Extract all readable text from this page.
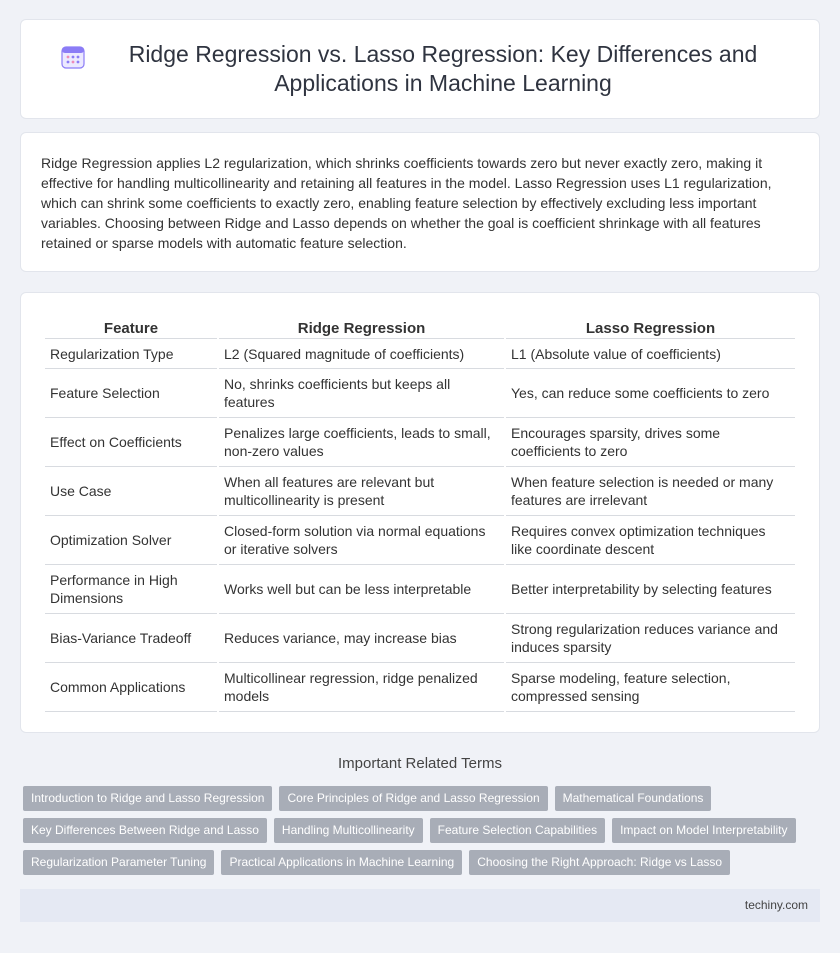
Ridge Regression vs. Lasso Regression: Key Differences and Applications in Machine Learning

Ridge Regression applies L2 regularization, which shrinks coefficients towards zero but never exactly zero, making it effective for handling multicollinearity and retaining all features in the model. Lasso Regression uses L1 regularization, which can shrink some coefficients to exactly zero, enabling feature selection by effectively excluding less important variables. Choosing between Ridge and Lasso depends on whether the goal is coefficient shrinkage with all features retained or sparse models with automatic feature selection.

Feature	Ridge Regression	Lasso Regression
Regularization Type	L2 (Squared magnitude of coefficients)	L1 (Absolute value of coefficients)
Feature Selection	No, shrinks coefficients but keeps all features	Yes, can reduce some coefficients to zero
Effect on Coefficients	Penalizes large coefficients, leads to small, non-zero values	Encourages sparsity, drives some coefficients to zero
Use Case	When all features are relevant but multicollinearity is present	When feature selection is needed or many features are irrelevant
Optimization Solver	Closed-form solution via normal equations or iterative solvers	Requires convex optimization techniques like coordinate descent
Performance in High Dimensions	Works well but can be less interpretable	Better interpretability by selecting features
Bias-Variance Tradeoff	Reduces variance, may increase bias	Strong regularization reduces variance and induces sparsity
Common Applications	Multicollinear regression, ridge penalized models	Sparse modeling, feature selection, compressed sensing
Important Related Terms
Introduction to Ridge and Lasso Regression	Core Principles of Ridge and Lasso Regression	Mathematical Foundations
Key Differences Between Ridge and Lasso	Handling Multicollinearity	Feature Selection Capabilities	Impact on Model Interpretability
Regularization Parameter Tuning	Practical Applications in Machine Learning	Choosing the Right Approach: Ridge vs Lasso
techiny.com
